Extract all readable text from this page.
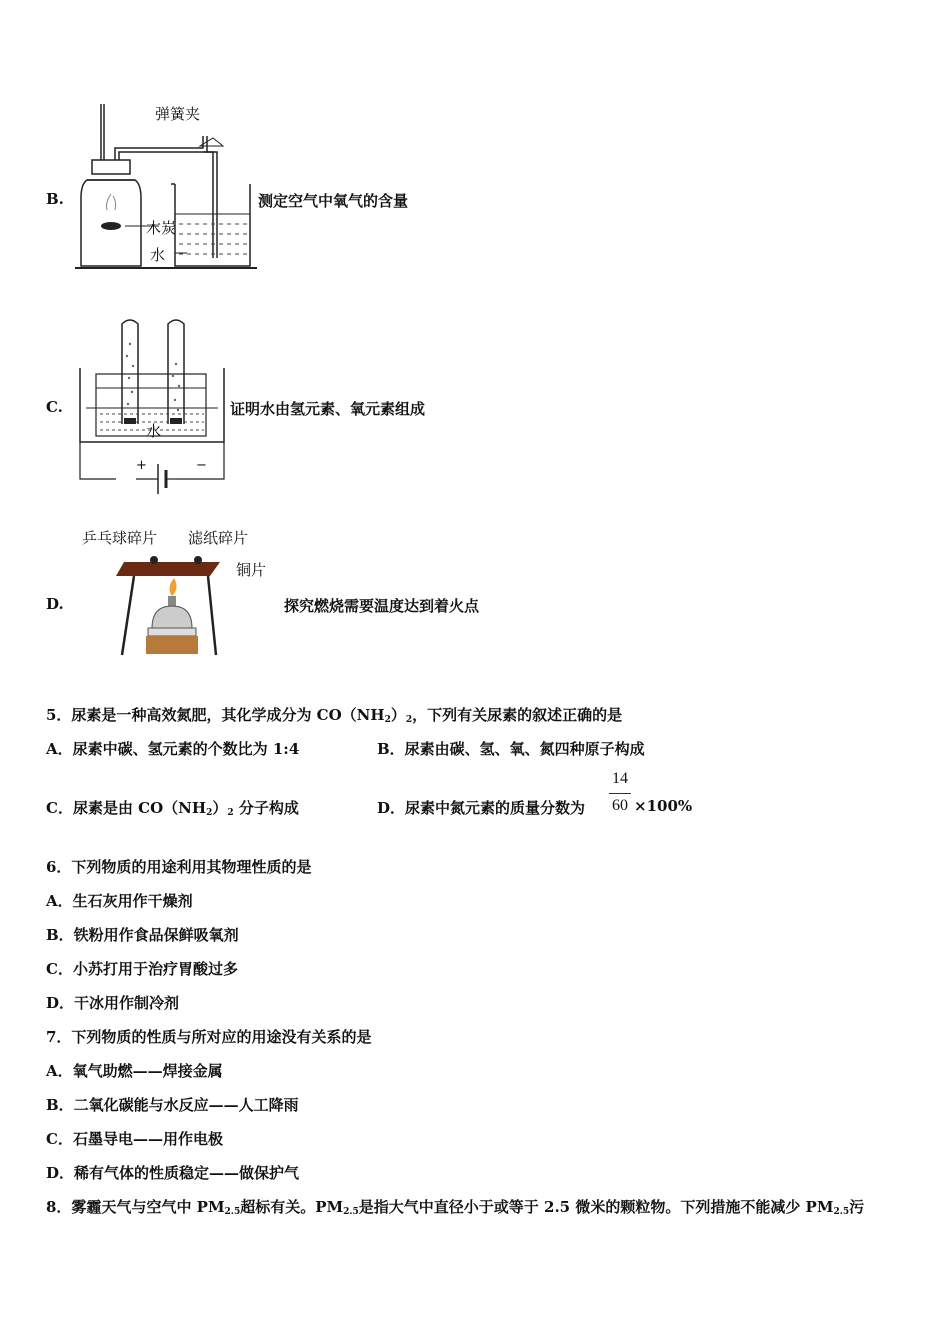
B.
弹簧夹
木炭
水
测定空气中氧气的含量
C.
水
+	−
证明水由氢元素、氧元素组成
D.
乒乓球碎片 滤纸碎片
铜片
探究燃烧需要温度达到着火点
5．尿素是一种高效氮肥，其化学成分为 $CO(NH_2)_2$，下列有关尿素的叙述正确的是
A．尿素中碳、氢元素的个数比为 1:4	B．尿素由碳、氢、氧、氮四种原子构成
C．尿素是由 $CO(NH_2)_2$ 分子构成	D．尿素中氮元素的质量分数为
14
60 ×100%
6．下列物质的用途利用其物理性质的是
A．生石灰用作干燥剂
B．铁粉用作食品保鲜吸氧剂
C．小苏打用于治疗胃酸过多
D．干冰用作制冷剂
7．下列物质的性质与所对应的用途没有关系的是
A．氧气助燃——焊接金属
B．二氧化碳能与水反应——人工降雨
C．石墨导电——用作电极
D．稀有气体的性质稳定——做保护气
8．雾霾天气与空气中 $PM_{2.5}$超标有关。$PM_{2.5}$是指大气中直径小于或等于 2.5 微米的颗粒物。下列措施不能减少 $PM_{2.5}$污
